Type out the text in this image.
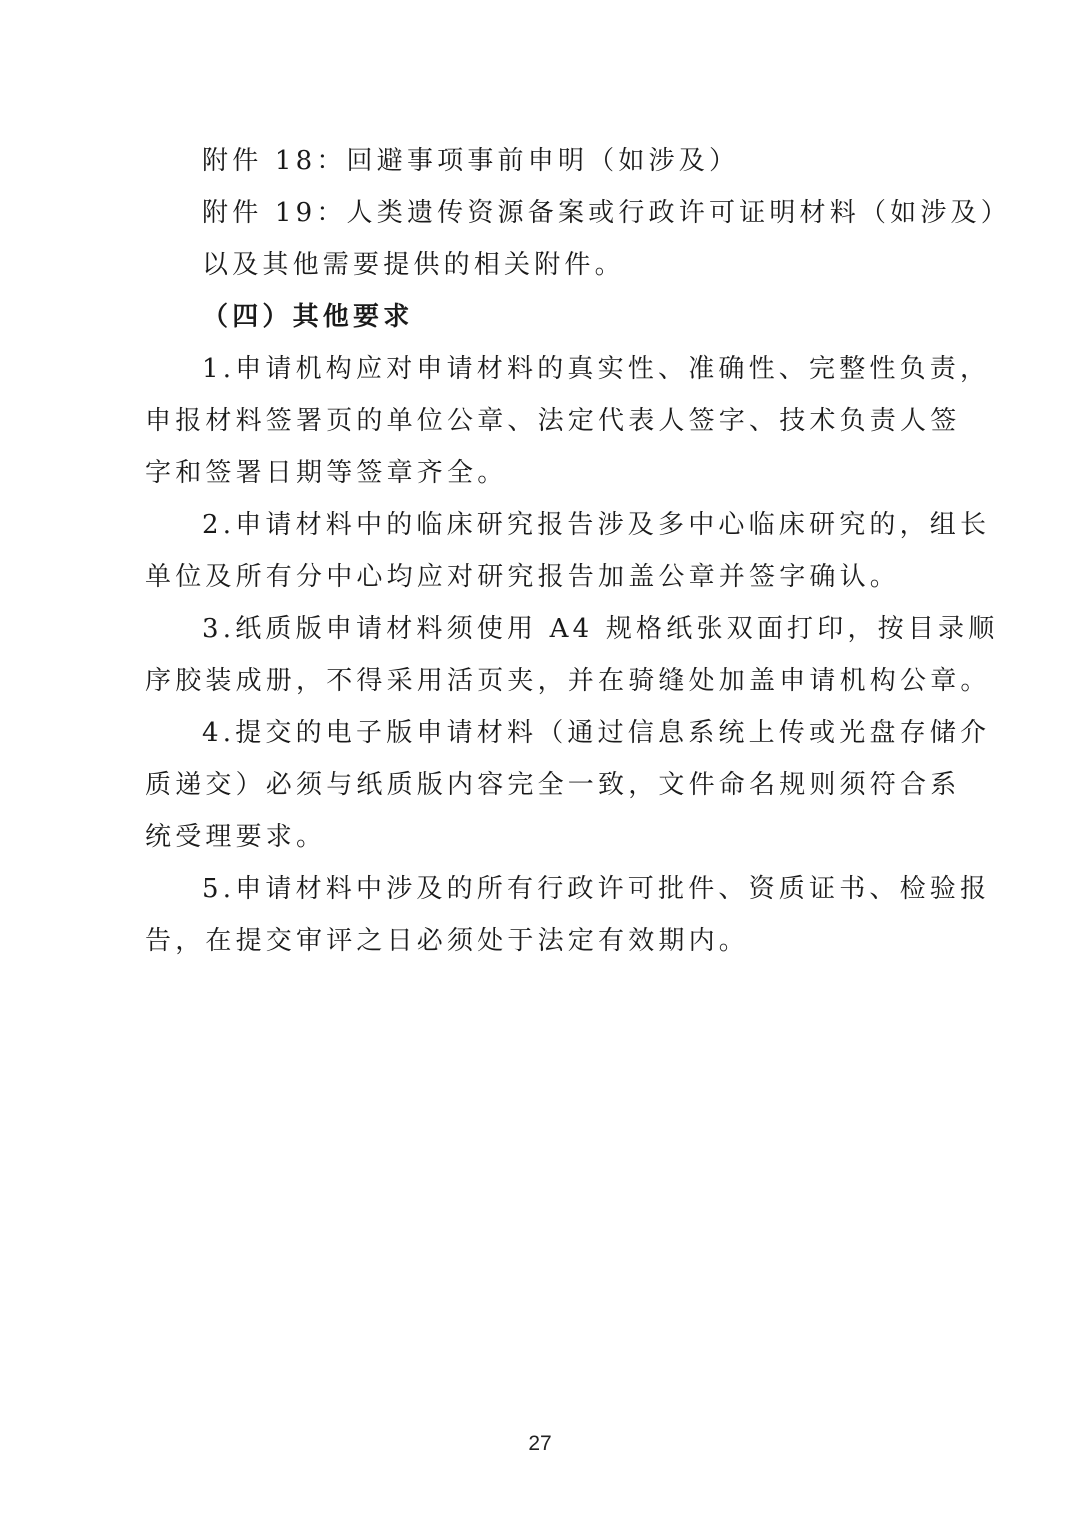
附件 18：回避事项事前申明（如涉及）
附件 19：人类遗传资源备案或行政许可证明材料（如涉及）
以及其他需要提供的相关附件。
（四）其他要求
1.申请机构应对申请材料的真实性、准确性、完整性负责，
申报材料签署页的单位公章、法定代表人签字、技术负责人签
字和签署日期等签章齐全。
2.申请材料中的临床研究报告涉及多中心临床研究的，组长
单位及所有分中心均应对研究报告加盖公章并签字确认。
3.纸质版申请材料须使用 A4 规格纸张双面打印，按目录顺
序胶装成册，不得采用活页夹，并在骑缝处加盖申请机构公章。
4.提交的电子版申请材料（通过信息系统上传或光盘存储介
质递交）必须与纸质版内容完全一致，文件命名规则须符合系
统受理要求。
5.申请材料中涉及的所有行政许可批件、资质证书、检验报
告，在提交审评之日必须处于法定有效期内。
27
